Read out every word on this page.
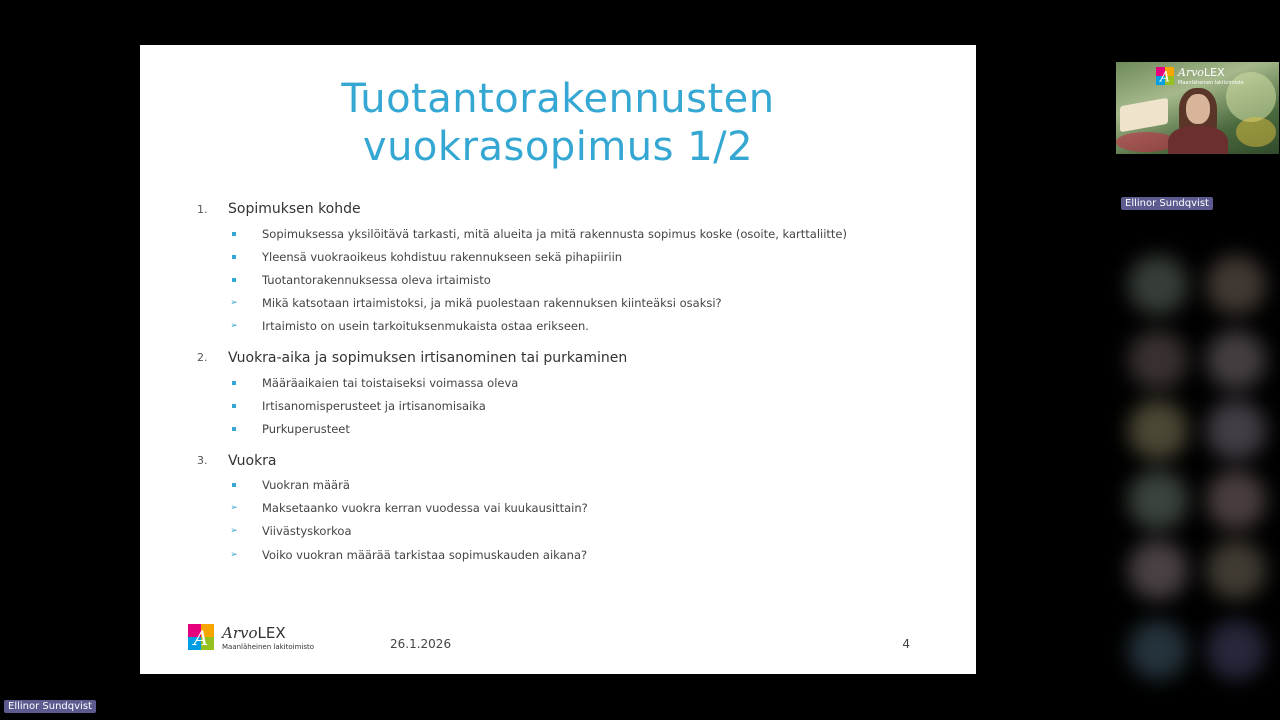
Tuotantorakennusten
vuokrasopimus 1/2
1.	Sopimuksen kohde
Sopimuksessa yksilöitävä tarkasti, mitä alueita ja mitä rakennusta sopimus koske (osoite, karttaliitte)
Yleensä vuokraoikeus kohdistuu rakennukseen sekä pihapiiriin
Tuotantorakennuksessa oleva irtaimisto
➢
Mikä katsotaan irtaimistoksi, ja mikä puolestaan rakennuksen kiinteäksi osaksi?
➢
Irtaimisto on usein tarkoituksenmukaista ostaa erikseen.
2.	Vuokra-aika ja sopimuksen irtisanominen tai purkaminen
Määräaikaien tai toistaiseksi voimassa oleva
Irtisanomisperusteet ja irtisanomisaika
Purkuperusteet
3.	Vuokra
Vuokran määrä
➢
Maksetaanko vuokra kerran vuodessa vai kuukausittain?
➢
Viivästyskorkoa
➢
Voiko vuokran määrää tarkistaa sopimuskauden aikana?
A ArvoLEX
Maanläheinen lakitoimisto	26.1.2026	4
A ArvoLEX
Maanläheinen lakitoimisto
Ellinor Sundqvist
Ellinor Sundqvist
